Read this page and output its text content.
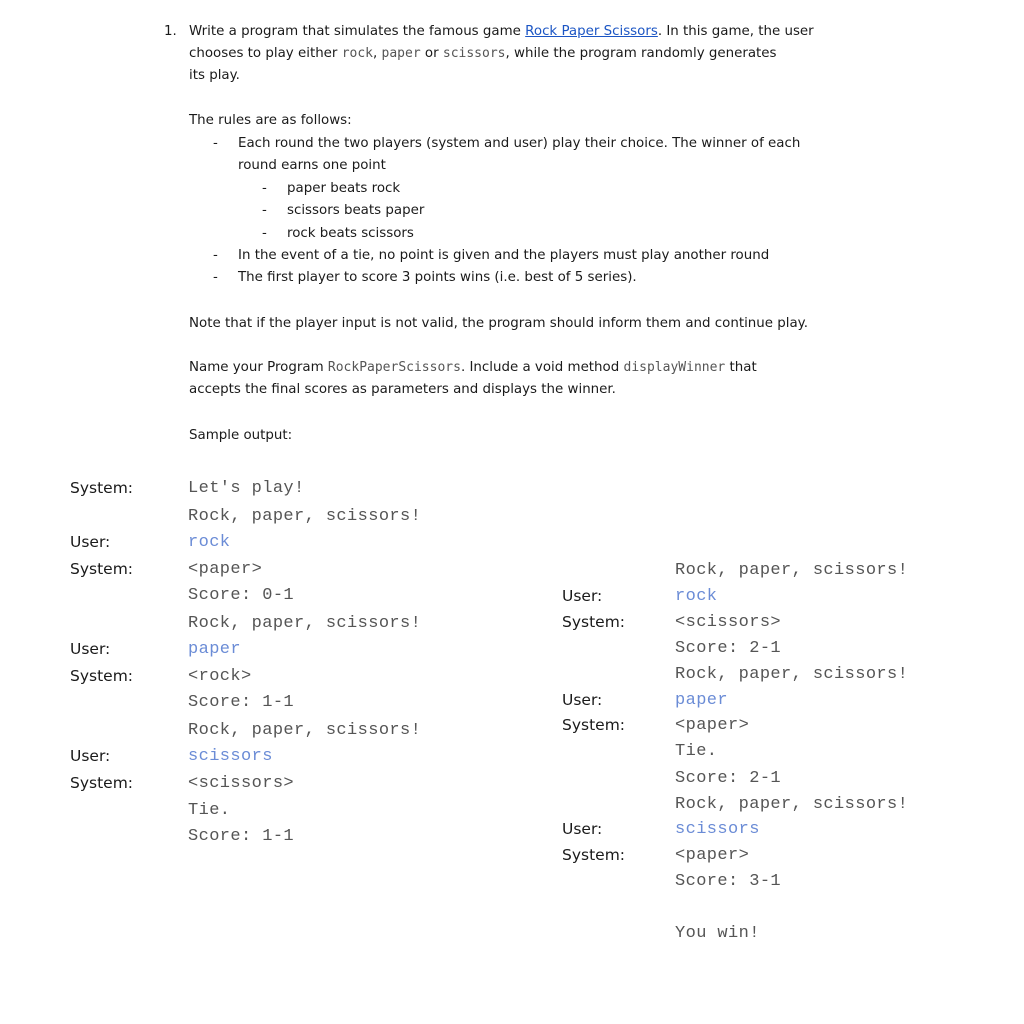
1. Write a program that simulates the famous game Rock Paper Scissors. In this game, the user
chooses to play either rock, paper or scissors, while the program randomly generates
its play.
The rules are as follows:
- Each round the two players (system and user) play their choice. The winner of each
round earns one point
- paper beats rock
- scissors beats paper
- rock beats scissors
- In the event of a tie, no point is given and the players must play another round
- The first player to score 3 points wins (i.e. best of 5 series).
Note that if the player input is not valid, the program should inform them and continue play.
Name your Program RockPaperScissors. Include a void method displayWinner that
accepts the final scores as parameters and displays the winner.
Sample output:
System:
User:
System:
User:
System:
User:
System:
Let's play!
Rock, paper, scissors!
rock
<paper>
Score: 0-1
Rock, paper, scissors!
paper
<rock>
Score: 1-1
Rock, paper, scissors!
scissors
<scissors>
Tie.
Score: 1-1
User:
System:
User:
System:
User:
System:
Rock, paper, scissors!
rock
<scissors>
Score: 2-1
Rock, paper, scissors!
paper
<paper>
Tie.
Score: 2-1
Rock, paper, scissors!
scissors
<paper>
Score: 3-1
You win!
